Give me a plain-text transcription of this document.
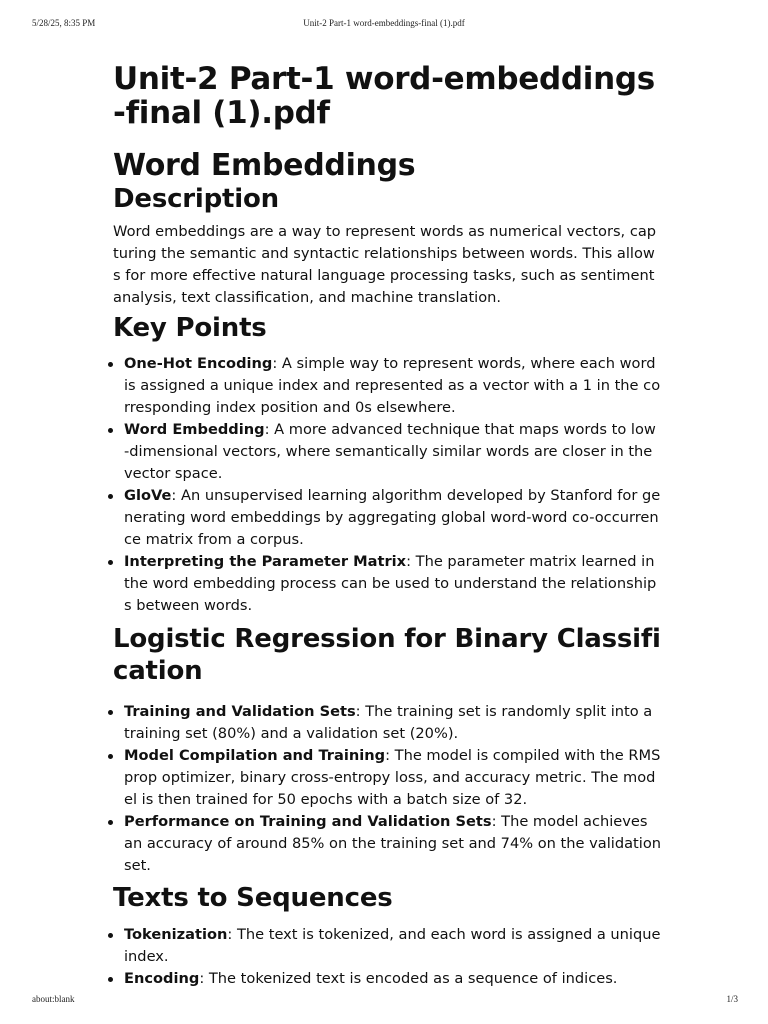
5/28/25, 8:35 PM	Unit-2 Part-1 word-embeddings-final (1).pdf
Unit-2 Part-1 word-embeddings-final (1).pdf
Word Embeddings
Description

Word embeddings are a way to represent words as numerical vectors, capturing the semantic and syntactic relationships between words. This allows for more effective natural language processing tasks, such as sentiment analysis, text classification, and machine translation.

Key Points
One-Hot Encoding: A simple way to represent words, where each word is assigned a unique index and represented as a vector with a 1 in the corresponding index position and 0s elsewhere.
Word Embedding: A more advanced technique that maps words to low-dimensional vectors, where semantically similar words are closer in the vector space.
GloVe: An unsupervised learning algorithm developed by Stanford for generating word embeddings by aggregating global word-word co-occurrence matrix from a corpus.
Interpreting the Parameter Matrix: The parameter matrix learned in the word embedding process can be used to understand the relationships between words.
Logistic Regression for Binary Classification
Training and Validation Sets: The training set is randomly split into a training set (80%) and a validation set (20%).
Model Compilation and Training: The model is compiled with the RMSprop optimizer, binary cross-entropy loss, and accuracy metric. The model is then trained for 50 epochs with a batch size of 32.
Performance on Training and Validation Sets: The model achieves an accuracy of around 85% on the training set and 74% on the validation set.
Texts to Sequences
Tokenization: The text is tokenized, and each word is assigned a unique index.
Encoding: The tokenized text is encoded as a sequence of indices.
about:blank	1/3
